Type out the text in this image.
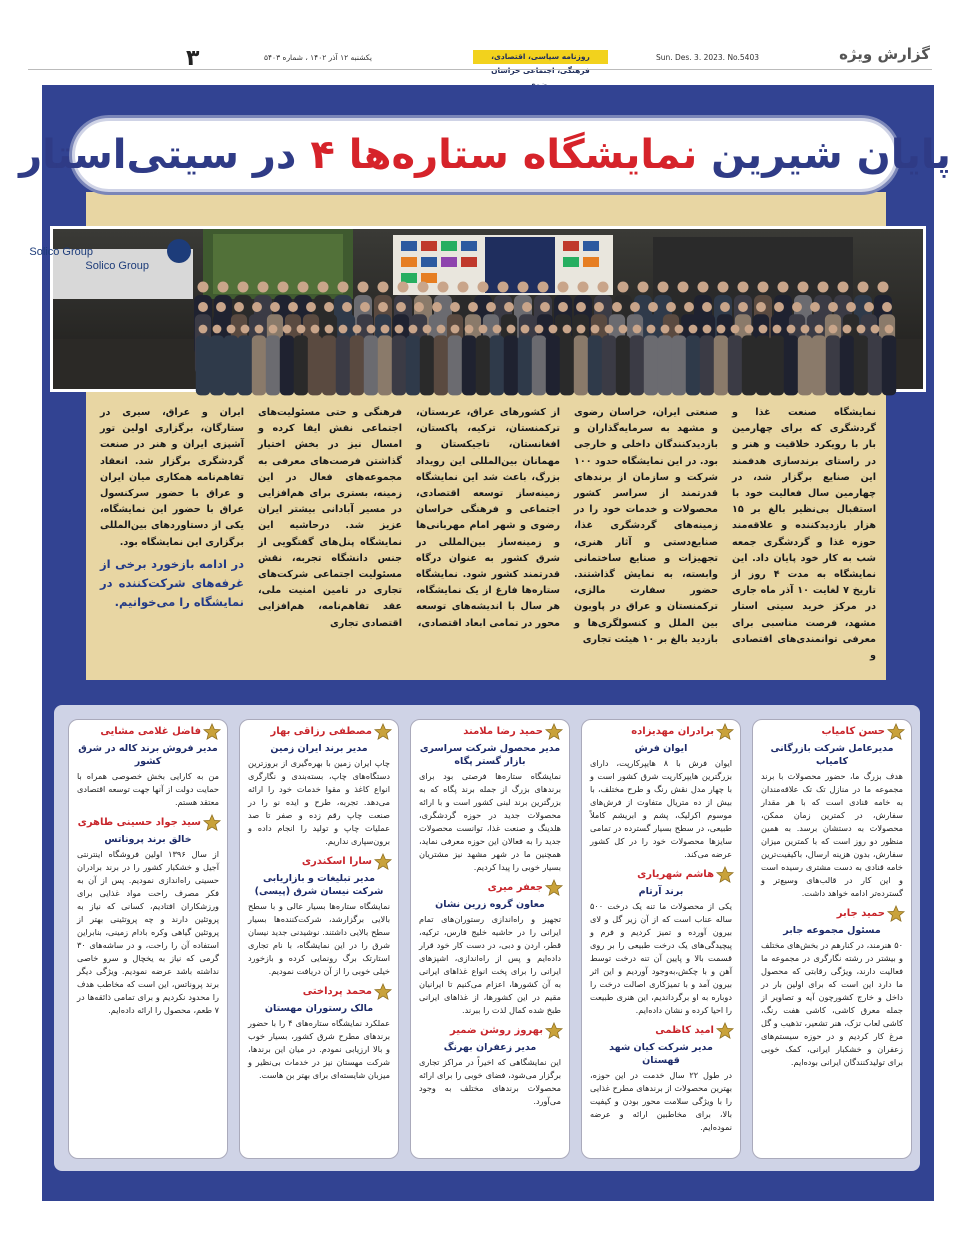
۳	یکشنبه ۱۲ آذر ۱۴۰۲ ، شماره ۵۴۰۳	روزنامه سیاسی، اقتصادی، فرهنگی، اجتماعی خراسان
Sun. Des. 3. 2023. No.5403	گزارش ویژه
پایان شیرین نمایشگاه ستاره‌ها ۴ در سیتی‌استار
Solico Group
Solico Group
نمایشگاه صنعت غذا و گردشگری که برای چهارمین بار با رویکرد خلاقیت و هنر و در راستای برندسازی هدفمند این صنایع برگزار شد، در چهارمین سال فعالیت خود با استقبال بی‌نظیر بالغ بر ۱۵ هزار بازدیدکننده و علاقه‌مند حوزه غذا و گردشگری جمعه شب به کار خود پایان داد. این نمایشگاه به مدت ۴ روز از تاریخ ۷ لغایت ۱۰ آذر ماه جاری در مرکز خرید سیتی استار مشهد، فرصت مناسبی برای معرفی توانمندی‌های اقتصادی و
صنعتی ایران، خراسان رضوی و مشهد به سرمایه‌گذاران و بازدیدکنندگان داخلی و خارجی بود. در این نمایشگاه حدود ۱۰۰ شرکت و سازمان از برندهای قدرتمند از سراسر کشور محصولات و خدمات خود را در زمینه‌های گردشگری غذا، صنایع‌دستی و آثار هنری، تجهیزات و صنایع ساختمانی وابسته، به نمایش گذاشتند. حضور سفارت مالزی، ترکمنستان و عراق در پاویون بین الملل و کنسولگری‌ها و بازدید بالغ بر ۱۰ هیئت تجاری
از کشورهای عراق، عربستان، ترکمنستان، ترکیه، پاکستان، افغانستان، تاجیکستان و مهمانان بین‌المللی این رویداد بزرگ، باعث شد این نمایشگاه زمینه‌ساز توسعه اقتصادی، اجتماعی و فرهنگی خراسان رضوی و شهر امام مهربانی‌ها و زمینه‌ساز بین‌المللی در شرق کشور به عنوان درگاه قدرتمند کشور شود. نمایشگاه ستاره‌ها فارغ از یک نمایشگاه، هر سال با اندیشه‌های توسعه محور در تمامی ابعاد اقتصادی،
فرهنگی و حتی مسئولیت‌های اجتماعی نقش ایفا کرده و امسال نیز در بخش اختیار گذاشتن فرصت‌های معرفی به مجموعه‌های فعال در این زمینه، بستری برای هم‌افزایی در مسیر آبادانی بیشتر ایران عزیز شد. درحاشیه این نمایشگاه پنل‌های گفتگویی از جنس دانشگاه تجربه، نقش مسئولیت اجتماعی شرکت‌های تجاری در تامین امنیت ملی، عقد تفاهم‌نامه، هم‌افزایی اقتصادی تجاری
ایران و عراق، سیری در ستارگان، برگزاری اولین تور آشپزی ایران و هنر در صنعت گردشگری برگزار شد. انعقاد تفاهم‌نامه همکاری میان ایران و عراق با حضور سرکنسول عراق با حضور این نمایشگاه، یکی از دستاوردهای بین‌المللی برگزاری این نمایشگاه بود.
در ادامه بازخورد برخی از غرفه‌های شرکت‌کننده در نمایشگاه را می‌خوانیم.
حسن کامیاب
مدیرعامل شرکت بازرگانی کامیاب
هدف بزرگ ما، حضور محصولات با برند مجموعه ما در منازل تک تک علاقه‌مندان به خامه قنادی است که با هر مقدار سفارش، در کمترین زمان ممکن، محصولات به دستشان برسد. به همین منظور دو روز است که با کمترین میزان سفارش، بدون هزینه ارسال، باکیفیت‌ترین خامه قنادی به دست مشتری رسیده است و این کار در قالب‌های وسیع‌تر و گسترده‌تر ادامه خواهد داشت.
حمید جابر
مسئول مجموعه جابر
۵۰ هنرمند، در کنارهم در بخش‌های مختلف و بیشتر در رشته نگارگری در مجموعه ما فعالیت دارند، ویژگی رقابتی که محصول ما دارد این است که برای اولین بار در داخل و خارج کشورچون آیه و تصاویر از جمله معرق کاشی، کاشی هفت رنگ، کاشی لعاب تزک، هنر تشعیر، تذهیب و گل مرغ کار کردیم و در حوزه سیستم‌های زعفران و خشکبار ایرانی، کمک خوبی برای تولیدکنندگان ایرانی بوده‌ایم.
برادران مهدیزاده
ایوان فرش
ایوان فرش با ۸ هایپرکارپت، دارای بزرگترین هایپرکارپت شرق کشور است و با چهار مدل نقش رنگ و طرح مختلف، با بیش از ده متریال متفاوت از فرش‌های موسوم اکرلیک، پشم و ابریشم کاملاً طبیعی، در سطح بسیار گسترده در تمامی سایزها محصولات خود را در کل کشور عرضه می‌کند.
هاشم شهریاری
برند آرتام
یکی از محصولات ما تنه یک درخت ۵۰۰ ساله عناب است که از آن زیر گل و لای بیرون آورده و تمیز کردیم و فرم و پیچیدگی‌های یک درخت طبیعی را بر روی قسمت بالا و پایین آن تنه درخت توسط آهن و با چکش،به‌وجود آوردیم و این اثر بیرون آمد و با تمیزکاری اصالت درخت را دوباره به او برگرداندیم، این هنری طبیعت را احیا کرده و نشان داده‌ایم.
امید کاظمی
مدیر شرکت کیان شهد قهستان
در طول ۲۲ سال خدمت در این حوزه، بهترین محصولات از برندهای مطرح غذایی را با ویژگی سلامت محور بودن و کیفیت بالا، برای مخاطبین ارائه و عرضه نموده‌ایم.
حمید رضا ملامند
مدیر محصول شرکت سراسری بازار گستر پگاه
نمایشگاه ستاره‌ها فرصتی بود برای برندهای بزرگ از جمله برند پگاه که به بزرگترین برند لبنی کشور است و با ارائه محصولات جدید در حوزه گردشگری، هلدینگ و صنعت غذا، توانست محصولات جدید را به فعالان این حوزه معرفی نماید، همچنین ما در شهر مشهد نیز مشتریان بسیار خوبی را پیدا کردیم.
جعفر میری
معاون گروه زرین نشان
تجهیز و راه‌اندازی رستوران‌های تمام ایرانی را در حاشیه خلیج فارس، ترکیه، قطر، اردن و دبی، در دست کار خود قرار داده‌ایم و پس از راه‌اندازی، اشپزهای ایرانی را برای پخت انواع غذاهای ایرانی به آن کشورها، اعزام می‌کنیم تا ایرانیان مقیم در این کشورها، از غذاهای ایرانی طبخ شده کمال لذت را ببرند.
بهروز روشن ضمیر
مدیر زعفران بهرنگ
این نمایشگاهی که اخیراً در مراکز تجاری برگزار می‌شود، فضای خوبی را برای ارائه محصولات برندهای مختلف به وجود می‌آورد.
مصطفی رزاقی بهار
مدیر برند ایران زمین
چاپ ایران زمین با بهره‌گیری از بروزترین دستگاه‌های چاپ، بسته‌بندی و نگارگری انواع کاغذ و مقوا خدمات خود را ارائه می‌دهد. تجربه، طرح و ایده نو را در صنعت چاپ رقم زده و صفر تا صد عملیات چاپ و تولید را انجام داده و برون‌سپاری نداریم.
سارا اسکندری
مدیر تبلیغات و بازاریابی شرکت نیسان شرق (پیسی)
نمایشگاه ستاره‌ها بسیار عالی و با سطح بالایی برگزارشد، شرکت‌کننده‌ها بسیار سطح بالایی داشتند. نوشیدنی جدید نیسان شرق را در این نمایشگاه، با نام تجاری استارتک برگ رونمایی کرده و بازخورد خیلی خوبی را از آن دریافت نمودیم.
محمد پرداختی
مالک رستوران مهستان
عملکرد نمایشگاه ستاره‌های ۴ را با حضور برندهای مطرح شرق کشور، بسیار خوب و بالا ارزیابی نمودم. در میان این برندها، شرکت مهستان نیز در خدمات بی‌نظیر و میزبان شایسته‌ای برای بهتر بن هاست.
فاضل غلامی مشایی
مدیر فروش برند کاله در شرق کشور
من به کارایی بخش خصوصی همراه با حمایت دولت از آنها جهت توسعه اقتصادی معتقد هستم.
سید جواد حسینی طاهری
خالق برند پروناتس
از سال ۱۳۹۶ اولین فروشگاه اینترنتی آجیل و خشکبار کشور را در برند برادران حسینی راه‌اندازی نمودیم. پس از آن به فکر مصرف راحت مواد غذایی برای ورزشکاران افتادیم، کسانی که نیاز به پروتئین دارند و چه پروتئینی بهتر از پروتئین گیاهی وکره بادام زمینی، بنابراین استفاده آن را راحت، و در ساشه‌های ۳۰ گرمی که نیاز به یخچال و سرو خاصی نداشته باشد عرضه نمودیم. ویژگی دیگر برند پروناتس، این است که مخاطب هدف را محدود نکردیم و برای تمامی ذائقه‌ها در ۷ طعم، محصول را ارائه داده‌ایم.
